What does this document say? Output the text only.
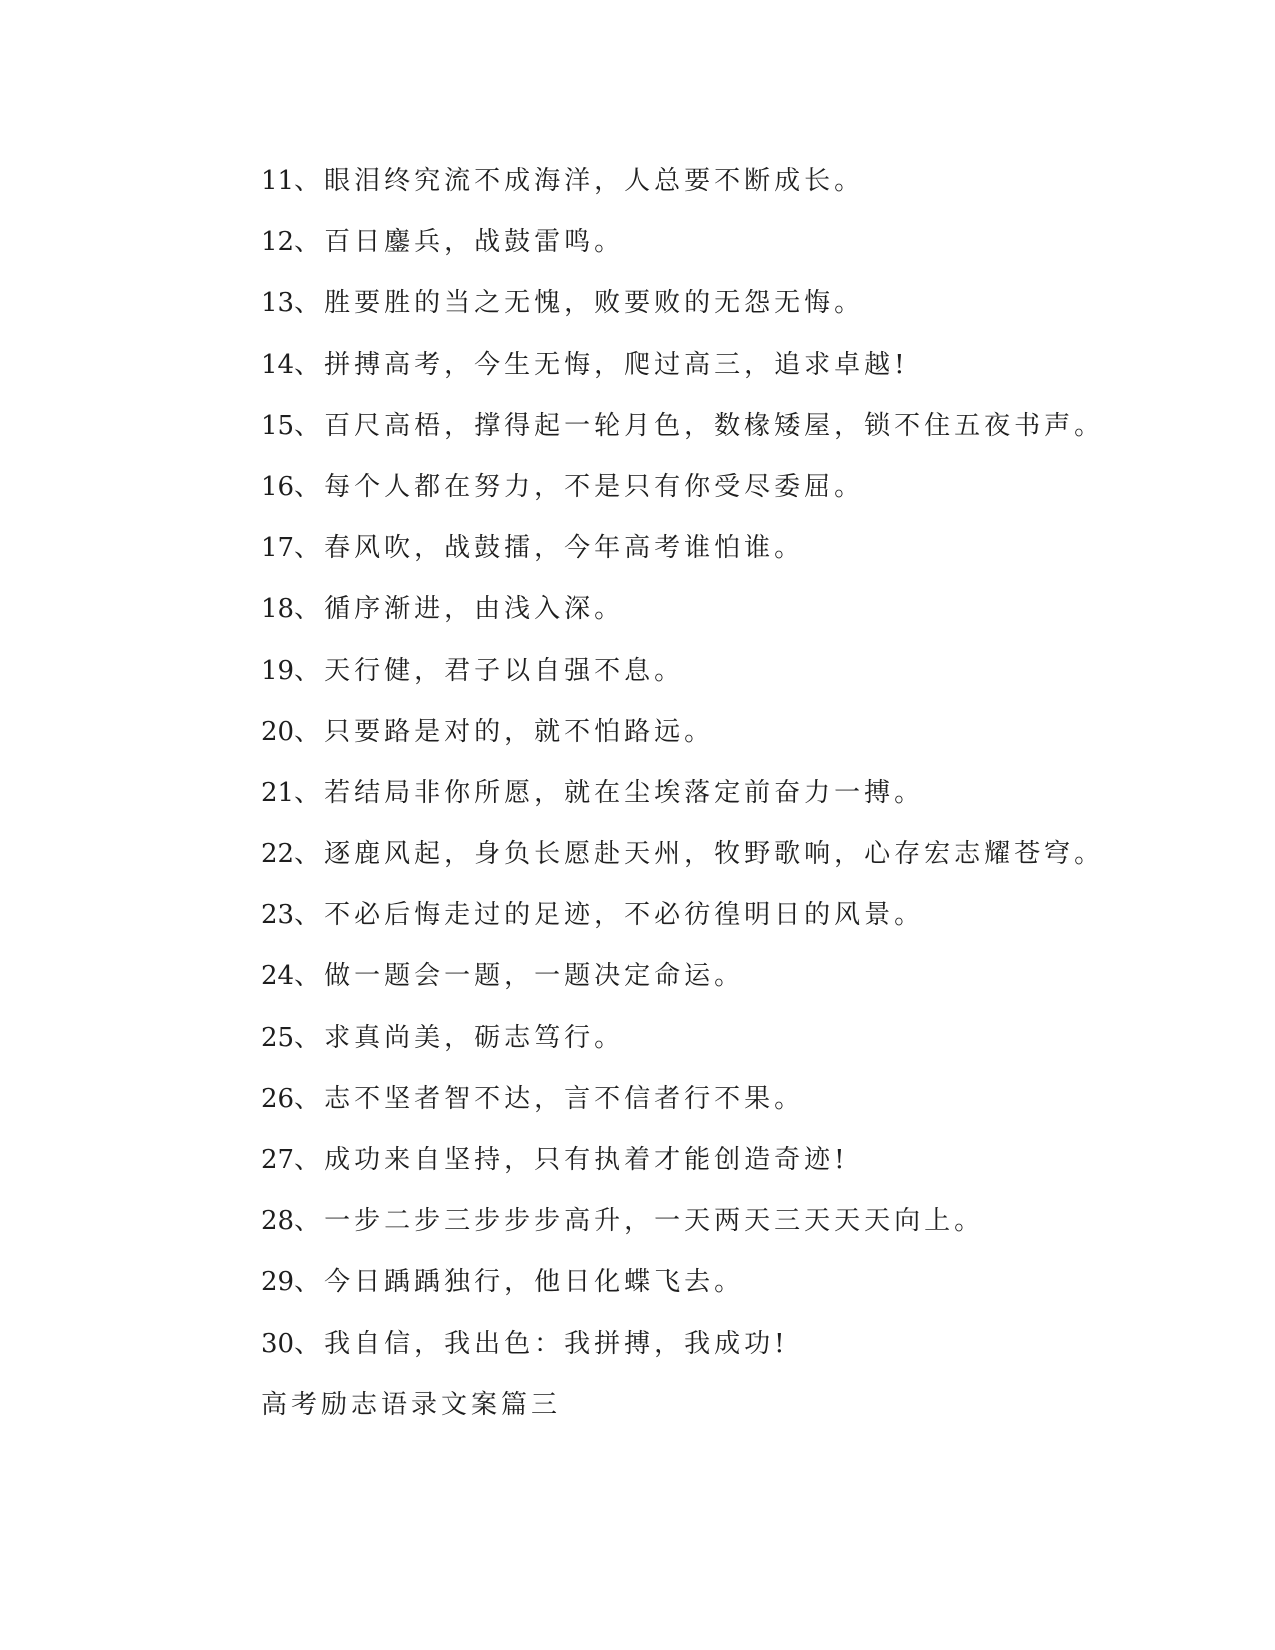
11、眼泪终究流不成海洋，人总要不断成长。
12、百日鏖兵，战鼓雷鸣。
13、胜要胜的当之无愧，败要败的无怨无悔。
14、拼搏高考，今生无悔，爬过高三，追求卓越!
15、百尺高梧，撑得起一轮月色，数椽矮屋，锁不住五夜书声。
16、每个人都在努力，不是只有你受尽委屈。
17、春风吹，战鼓擂，今年高考谁怕谁。
18、循序渐进，由浅入深。
19、天行健，君子以自强不息。
20、只要路是对的，就不怕路远。
21、若结局非你所愿，就在尘埃落定前奋力一搏。
22、逐鹿风起，身负长愿赴天州，牧野歌响，心存宏志耀苍穹。
23、不必后悔走过的足迹，不必彷徨明日的风景。
24、做一题会一题，一题决定命运。
25、求真尚美，砺志笃行。
26、志不坚者智不达，言不信者行不果。
27、成功来自坚持，只有执着才能创造奇迹!
28、一步二步三步步步高升，一天两天三天天天向上。
29、今日踽踽独行，他日化蝶飞去。
30、我自信，我出色：我拼搏，我成功!
高考励志语录文案篇三
